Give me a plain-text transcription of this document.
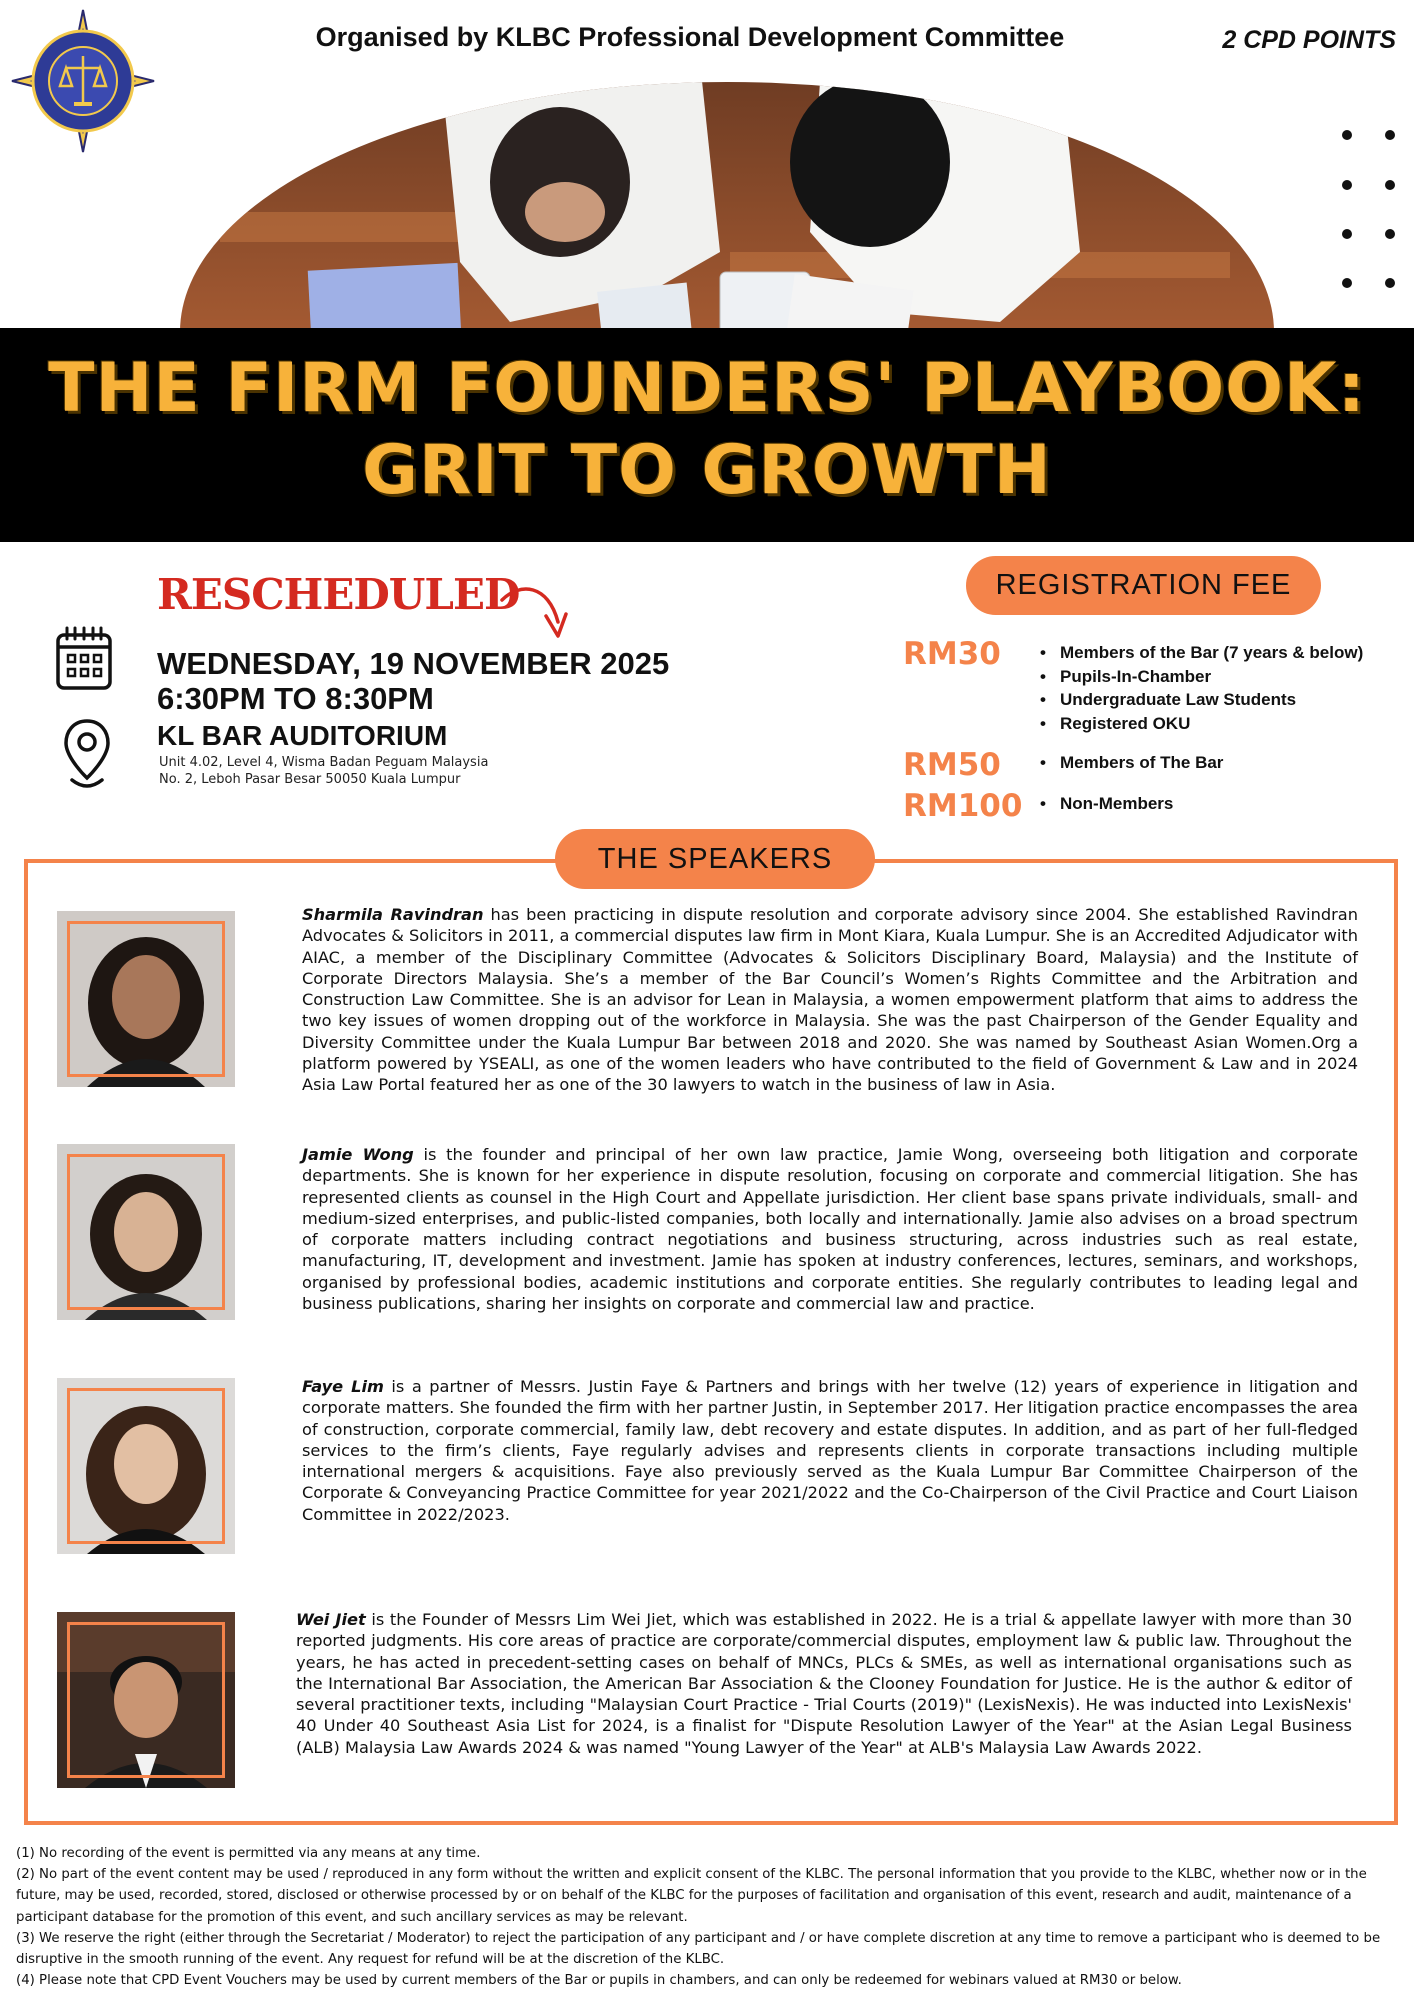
Organised by KLBC Professional Development Committee	2 CPD POINTS
THE FIRM FOUNDERS' PLAYBOOK:
GRIT TO GROWTH
RESCHEDULED
WEDNESDAY, 19 NOVEMBER 2025
6:30PM TO 8:30PM
KL BAR AUDITORIUM
Unit 4.02, Level 4, Wisma Badan Peguam Malaysia
No. 2, Leboh Pasar Besar 50050 Kuala Lumpur
REGISTRATION FEE
RM30	• Members of the Bar (7 years & below)
• Pupils-In-Chamber
• Undergraduate Law Students
• Registered OKU
RM50	• Members of The Bar
RM100	• Non-Members
THE SPEAKERS
Sharmila Ravindran has been practicing in dispute resolution and corporate advisory since 2004. She established Ravindran Advocates & Solicitors in 2011, a commercial disputes law firm in Mont Kiara, Kuala Lumpur. She is an Accredited Adjudicator with AIAC, a member of the Disciplinary Committee (Advocates & Solicitors Disciplinary Board, Malaysia) and the Institute of Corporate Directors Malaysia. She’s a member of the Bar Council’s Women’s Rights Committee and the Arbitration and Construction Law Committee. She is an advisor for Lean in Malaysia, a women empowerment platform that aims to address the two key issues of women dropping out of the workforce in Malaysia. She was the past Chairperson of the Gender Equality and Diversity Committee under the Kuala Lumpur Bar between 2018 and 2020. She was named by Southeast Asian Women.Org a platform powered by YSEALI, as one of the women leaders who have contributed to the field of Government & Law and in 2024 Asia Law Portal featured her as one of the 30 lawyers to watch in the business of law in Asia.
Jamie Wong is the founder and principal of her own law practice, Jamie Wong, overseeing both litigation and corporate departments. She is known for her experience in dispute resolution, focusing on corporate and commercial litigation. She has represented clients as counsel in the High Court and Appellate jurisdiction. Her client base spans private individuals, small- and medium-sized enterprises, and public-listed companies, both locally and internationally. Jamie also advises on a broad spectrum of corporate matters including contract negotiations and business structuring, across industries such as real estate, manufacturing, IT, development and investment. Jamie has spoken at industry conferences, lectures, seminars, and workshops, organised by professional bodies, academic institutions and corporate entities. She regularly contributes to leading legal and business publications, sharing her insights on corporate and commercial law and practice.
Faye Lim is a partner of Messrs. Justin Faye & Partners and brings with her twelve (12) years of experience in litigation and corporate matters. She founded the firm with her partner Justin, in September 2017. Her litigation practice encompasses the area of construction, corporate commercial, family law, debt recovery and estate disputes. In addition, and as part of her full-fledged services to the firm’s clients, Faye regularly advises and represents clients in corporate transactions including multiple international mergers & acquisitions. Faye also previously served as the Kuala Lumpur Bar Committee Chairperson of the Corporate & Conveyancing Practice Committee for year 2021/2022 and the Co-Chairperson of the Civil Practice and Court Liaison Committee in 2022/2023.
Wei Jiet is the Founder of Messrs Lim Wei Jiet, which was established in 2022. He is a trial & appellate lawyer with more than 30 reported judgments. His core areas of practice are corporate/commercial disputes, employment law & public law. Throughout the years, he has acted in precedent-setting cases on behalf of MNCs, PLCs & SMEs, as well as international organisations such as the International Bar Association, the American Bar Association & the Clooney Foundation for Justice. He is the author & editor of several practitioner texts, including "Malaysian Court Practice - Trial Courts (2019)" (LexisNexis). He was inducted into LexisNexis' 40 Under 40 Southeast Asia List for 2024, is a finalist for "Dispute Resolution Lawyer of the Year" at the Asian Legal Business (ALB) Malaysia Law Awards 2024 & was named "Young Lawyer of the Year" at ALB's Malaysia Law Awards 2022.
(1) No recording of the event is permitted via any means at any time.
(2) No part of the event content may be used / reproduced in any form without the written and explicit consent of the KLBC. The personal information that you provide to the KLBC, whether now or in the future, may be used, recorded, stored, disclosed or otherwise processed by or on behalf of the KLBC for the purposes of facilitation and organisation of this event, research and audit, maintenance of a participant database for the promotion of this event, and such ancillary services as may be relevant.
(3) We reserve the right (either through the Secretariat / Moderator) to reject the participation of any participant and / or have complete discretion at any time to remove a participant who is deemed to be disruptive in the smooth running of the event. Any request for refund will be at the discretion of the KLBC.
(4) Please note that CPD Event Vouchers may be used by current members of the Bar or pupils in chambers, and can only be redeemed for webinars valued at RM30 or below.
